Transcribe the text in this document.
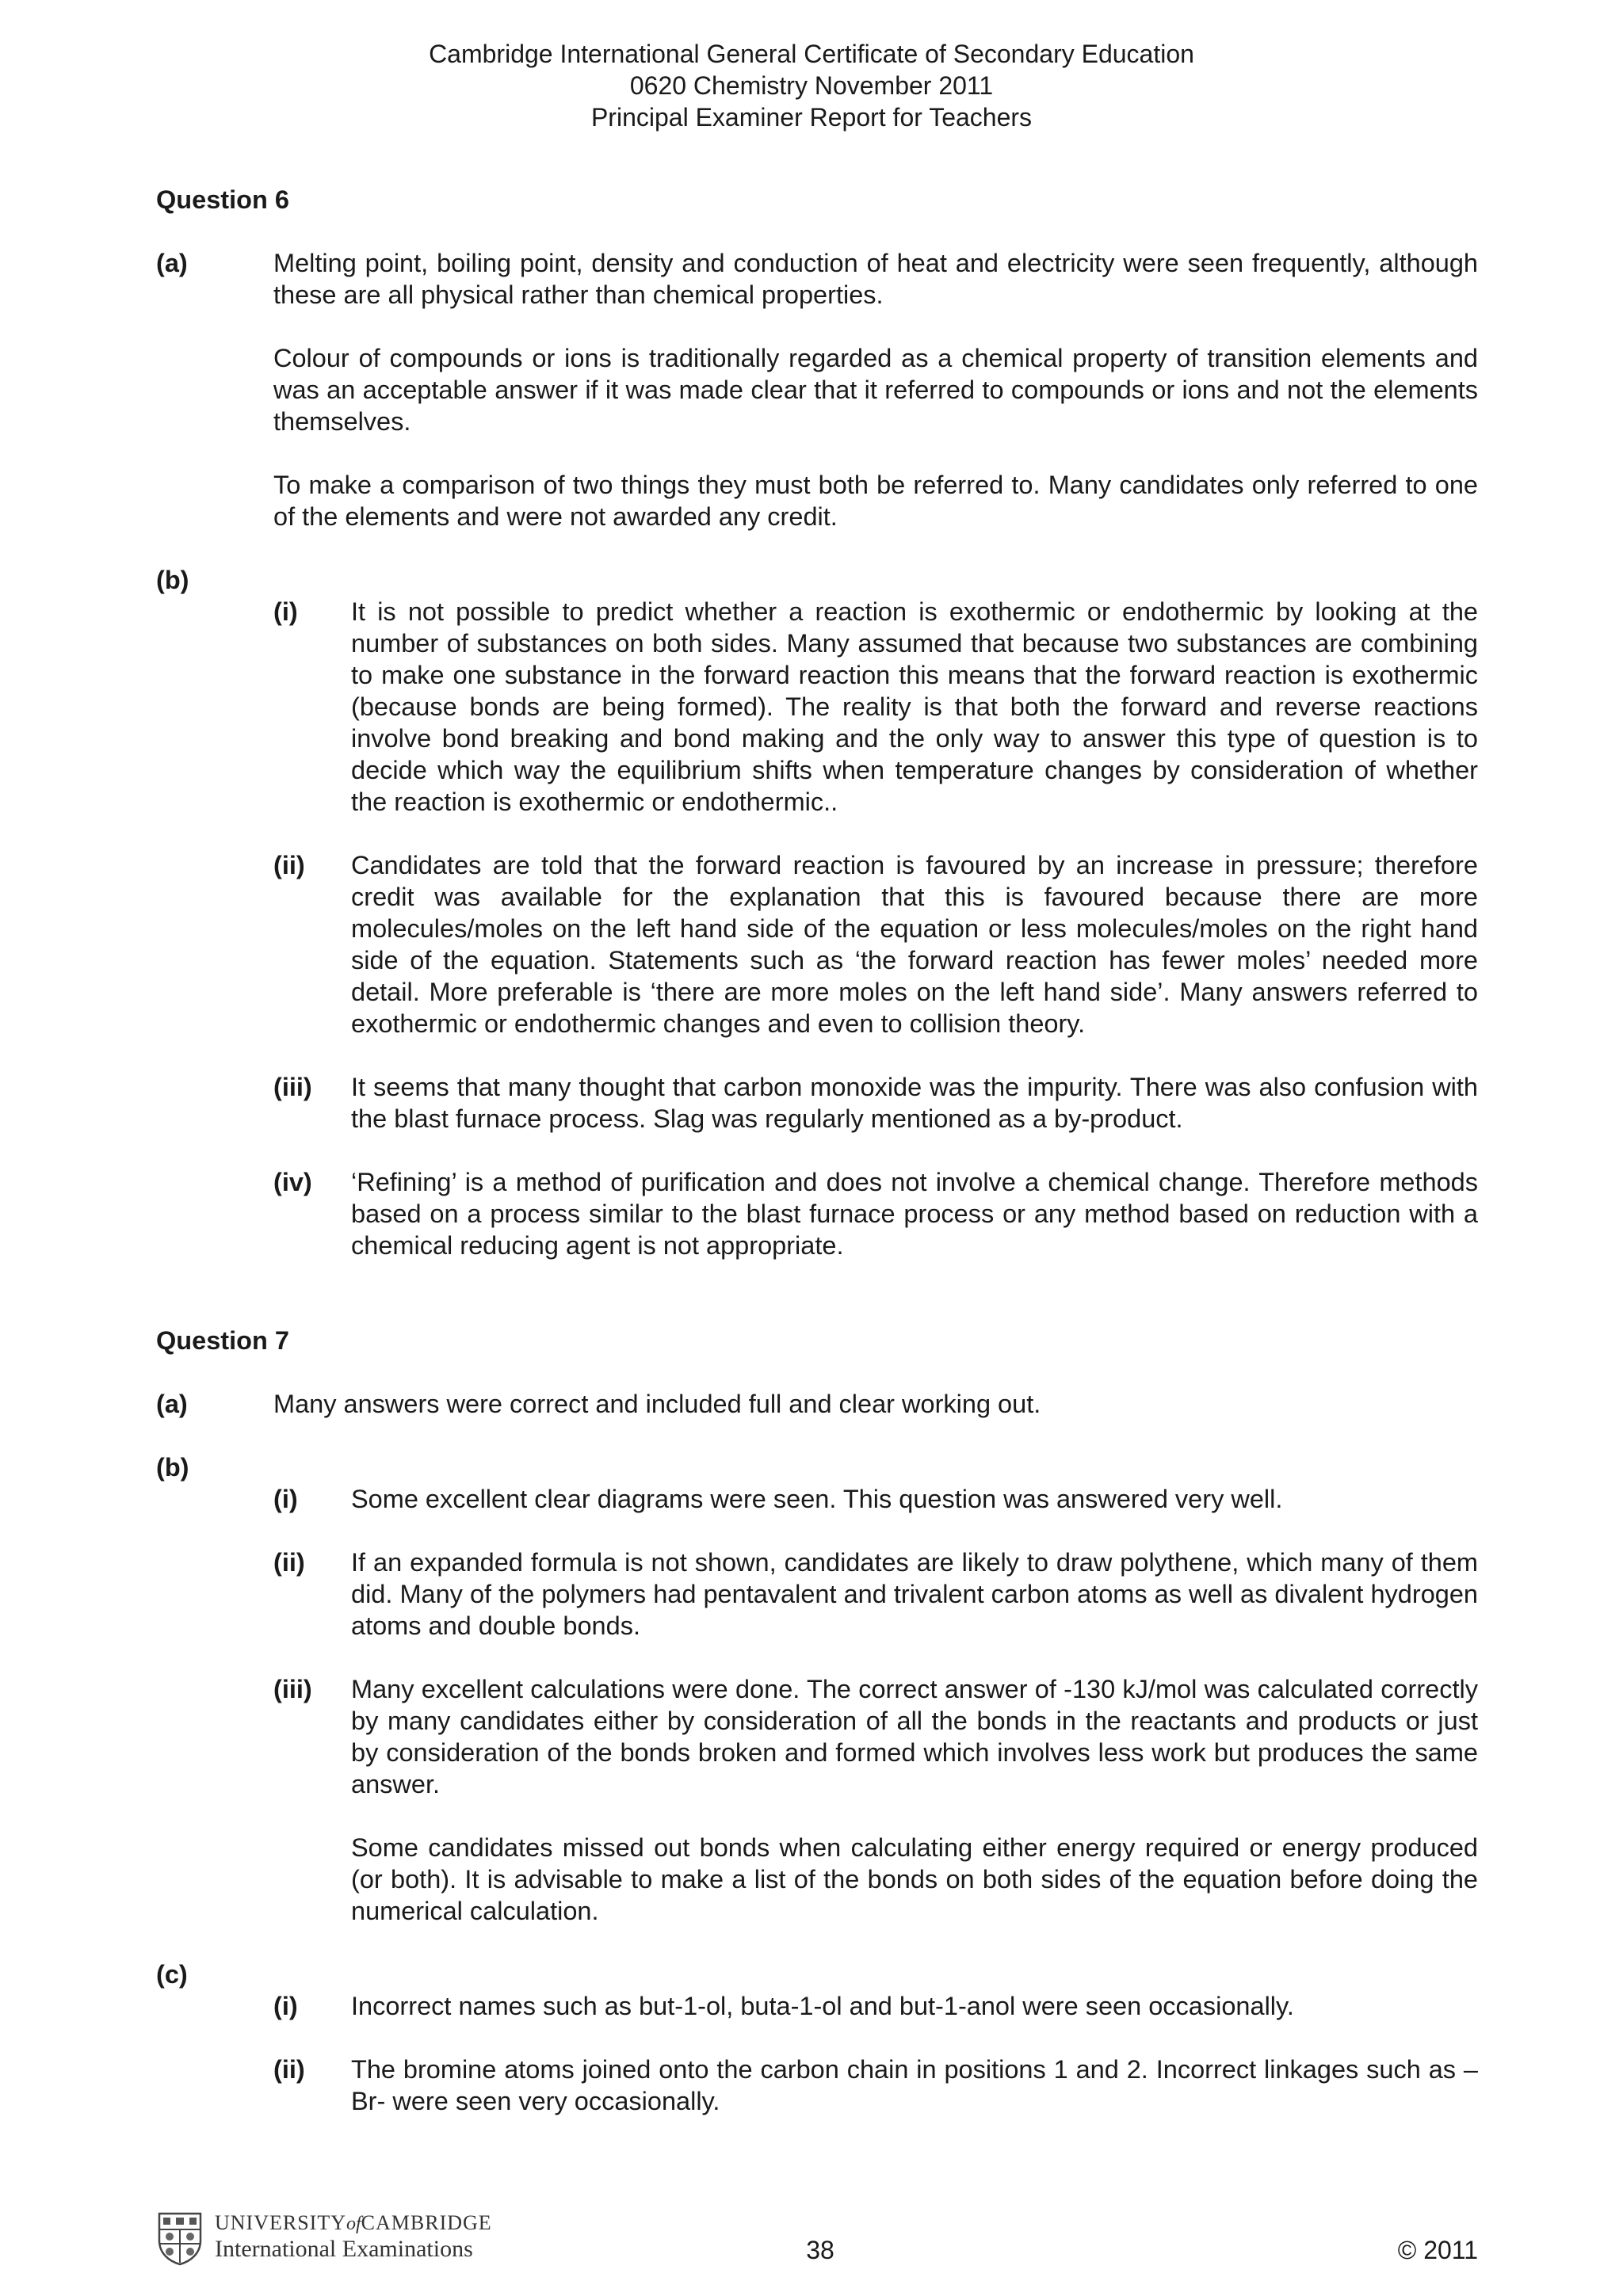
Cambridge International General Certificate of Secondary Education
0620 Chemistry November 2011
Principal Examiner Report for Teachers
Question 6
(a)	Melting point, boiling point, density and conduction of heat and electricity were seen frequently, although these are all physical rather than chemical properties.

Colour of compounds or ions is traditionally regarded as a chemical property of transition elements and was an acceptable answer if it was made clear that it referred to compounds or ions and not the elements themselves.

To make a comparison of two things they must both be referred to. Many candidates only referred to one of the elements and were not awarded any credit.

(b)
(i)	It is not possible to predict whether a reaction is exothermic or endothermic by looking at the number of substances on both sides. Many assumed that because two substances are combining to make one substance in the forward reaction this means that the forward reaction is exothermic (because bonds are being formed). The reality is that both the forward and reverse reactions involve bond breaking and bond making and the only way to answer this type of question is to decide which way the equilibrium shifts when temperature changes by consideration of whether the reaction is exothermic or endothermic..

(ii)	Candidates are told that the forward reaction is favoured by an increase in pressure; therefore credit was available for the explanation that this is favoured because there are more molecules/moles on the left hand side of the equation or less molecules/moles on the right hand side of the equation. Statements such as ‘the forward reaction has fewer moles’ needed more detail. More preferable is ‘there are more moles on the left hand side’. Many answers referred to exothermic or endothermic changes and even to collision theory.

(iii)	It seems that many thought that carbon monoxide was the impurity. There was also confusion with the blast furnace process. Slag was regularly mentioned as a by-product.

(iv)	‘Refining’ is a method of purification and does not involve a chemical change. Therefore methods based on a process similar to the blast furnace process or any method based on reduction with a chemical reducing agent is not appropriate.

Question 7
(a)	Many answers were correct and included full and clear working out.

(b)
(i)	Some excellent clear diagrams were seen. This question was answered very well.

(ii)	If an expanded formula is not shown, candidates are likely to draw polythene, which many of them did. Many of the polymers had pentavalent and trivalent carbon atoms as well as divalent hydrogen atoms and double bonds.

(iii)	Many excellent calculations were done. The correct answer of -130 kJ/mol was calculated correctly by many candidates either by consideration of all the bonds in the reactants and products or just by consideration of the bonds broken and formed which involves less work but produces the same answer.

Some candidates missed out bonds when calculating either energy required or energy produced (or both). It is advisable to make a list of the bonds on both sides of the equation before doing the numerical calculation.

(c)
(i)	Incorrect names such as but-1-ol, buta-1-ol and but-1-anol were seen occasionally.

(ii)	The bromine atoms joined onto the carbon chain in positions 1 and 2. Incorrect linkages such as –Br- were seen very occasionally.

UNIVERSITYofCAMBRIDGE
International Examinations	38	© 2011
